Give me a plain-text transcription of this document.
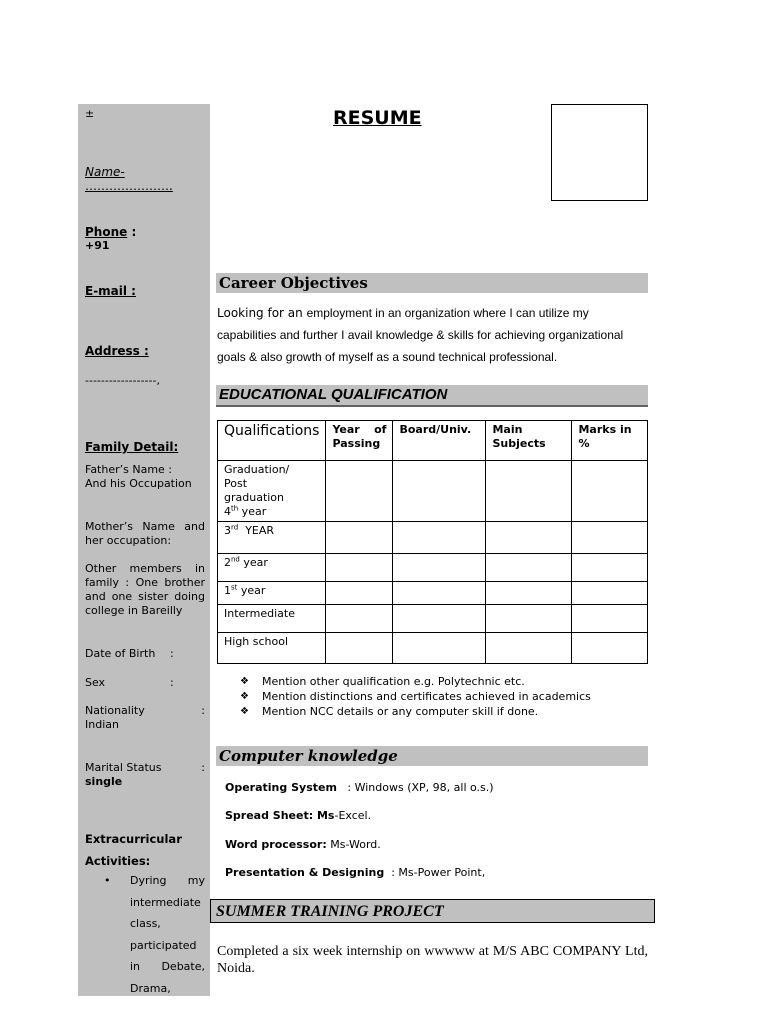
±
Name-
………………….
Phone :
+91
E-mail :
Address :
------------------,
Family Detail:
Father’s Name :
And his Occupation
Mother’s Name and her occupation:
Other members in family : One brother and one sister doing college in Bareilly
Date of Birth :
Sex	:
Nationality	:
Indian
Marital Status	:
single
Extracurricular
Activities:
• Dyring my
intermediate
class,
participated
in Debate,
Drama,
RESUME
Career Objectives
Looking for an employment in an organization where I can utilize my capabilities and further I avail knowledge & skills for achieving organizational goals & also growth of myself as a sound technical professional.
EDUCATIONAL QUALIFICATION
Qualifications	Year of Passing	Board/Univ.	Main Subjects	Marks in %

Graduation/
Post
graduation
4th year				

3rd  YEAR				
2nd year				
1st year				
Intermediate				
High school				
❖ Mention other qualification e.g. Polytechnic etc.
❖ Mention distinctions and certificates achieved in academics
❖ Mention NCC details or any computer skill if done.
Computer knowledge
Operating System   : Windows (XP, 98, all o.s.)
Spread Sheet: Ms-Excel.
Word processor: Ms-Word.
Presentation & Designing  : Ms-Power Point,
SUMMER TRAINING PROJECT
Completed a six week internship on wwwww at M/S ABC COMPANY Ltd, Noida.
